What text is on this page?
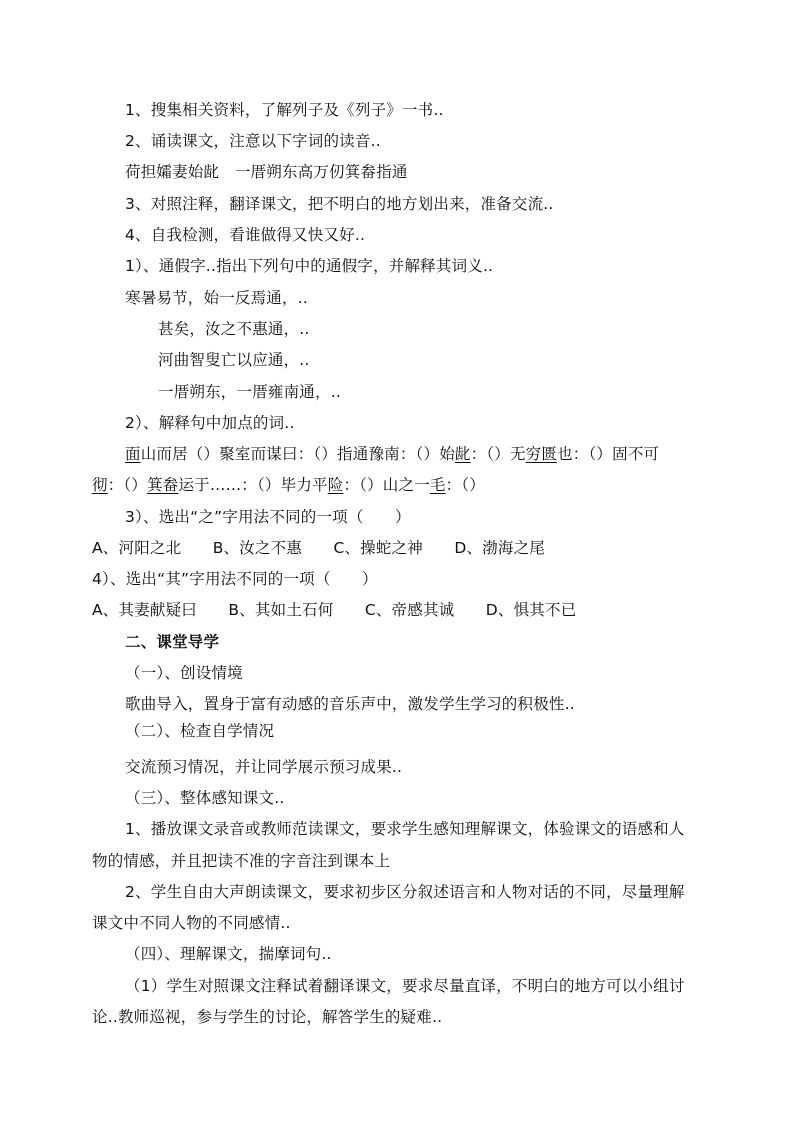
1、搜集相关资料，了解列子及《列子》一书..
2、诵读课文，注意以下字词的读音..
荷担孀妻始龀　一厝朔东高万仞箕畚指通
3、对照注释，翻译课文，把不明白的地方划出来，准备交流..
4、自我检测，看谁做得又快又好..
1）、通假字..指出下列句中的通假字，并解释其词义..
寒暑易节，始一反焉通，..
甚矣，汝之不惠通，..
河曲智叟亡以应通，..
一厝朔东，一厝雍南通，..
2）、解释句中加点的词..
面山而居（）聚室而谋曰：（）指通豫南：（）始龀：（）无穷匮也：（）固不可
彻：（）箕畚运于……：（）毕力平险：（）山之一毛：（）
3）、选出“之”字用法不同的一项（　　）
A、河阳之北　　B、汝之不惠　　C、操蛇之神　　D、渤海之尾
4）、选出“其”字用法不同的一项（　　）
A、其妻献疑曰　　B、其如土石何　　C、帝感其诚　　D、惧其不已
二、课堂导学
（一）、创设情境
歌曲导入，置身于富有动感的音乐声中，激发学生学习的积极性..
（二）、检查自学情况
交流预习情况，并让同学展示预习成果..
（三）、整体感知课文..
1、播放课文录音或教师范读课文，要求学生感知理解课文，体验课文的语感和人
物的情感，并且把读不准的字音注到课本上
2、学生自由大声朗读课文，要求初步区分叙述语言和人物对话的不同，尽量理解
课文中不同人物的不同感情..
（四）、理解课文，揣摩词句..
（1）学生对照课文注释试着翻译课文，要求尽量直译，不明白的地方可以小组讨
论..教师巡视，参与学生的讨论，解答学生的疑难..
